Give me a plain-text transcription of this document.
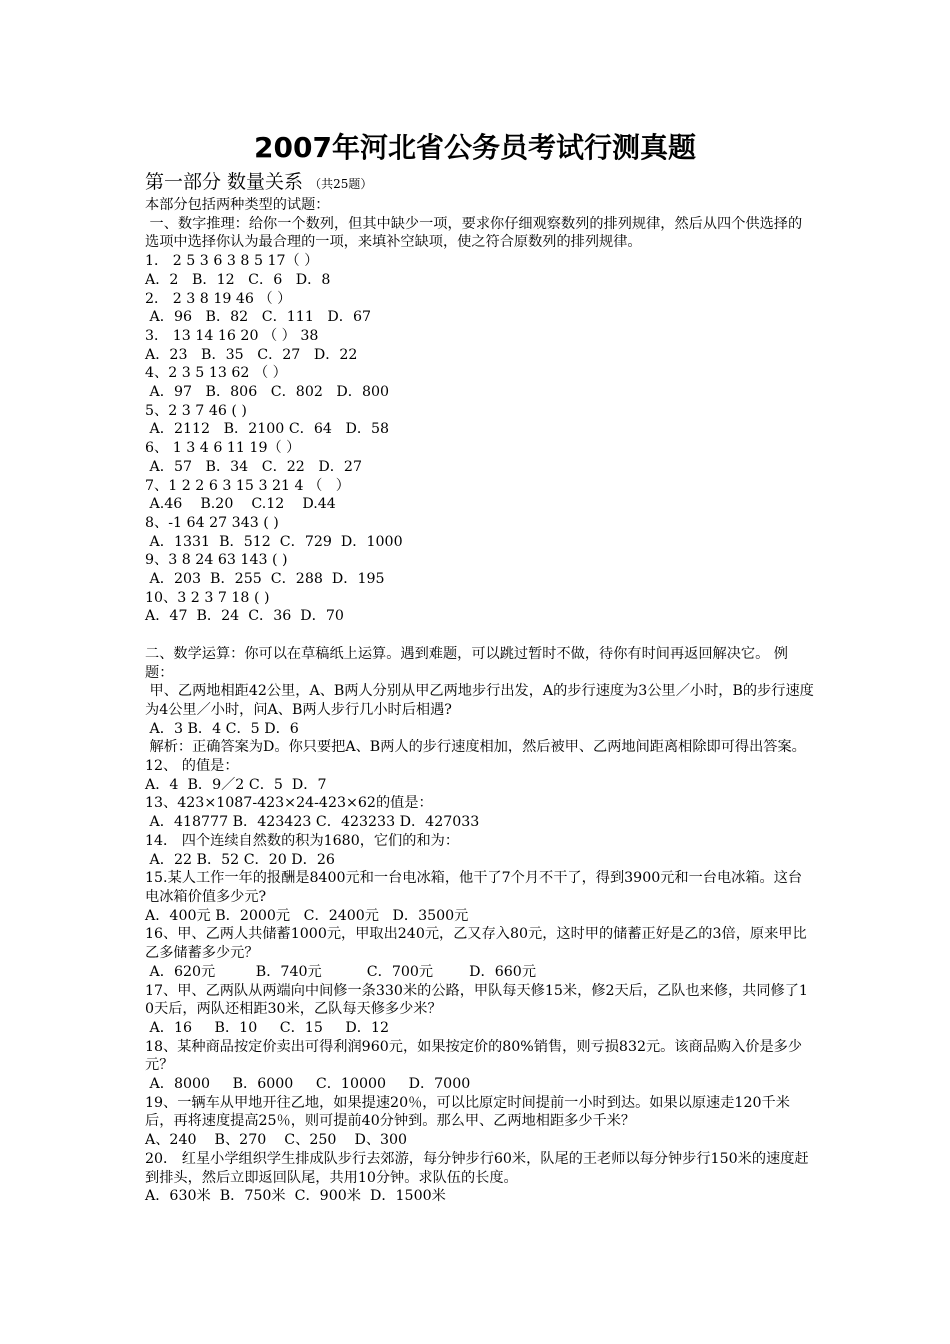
2007年河北省公务员考试行测真题
第一部分 数量关系 （共25题）

本部分包括两种类型的试题：

一、数字推理：给你一个数列，但其中缺少一项，要求你仔细观察数列的排列规律，然后从四个供选择的选项中选择你认为最合理的一项，来填补空缺项，使之符合原数列的排列规律。

1． 2 5 3 6 3 8 5 17（ ）

A．2   B．12   C．6   D．8

2． 2 3 8 19 46 （ ）

A．96   B．82   C．111   D．67

3． 13 14 16 20 （ ） 38

A．23   B．35   C．27   D．22

4、2 3 5 13 62 （ ）

A．97   B．806   C．802   D．800

5、2 3 7 46 ( )

A．2112   B．2100 C．64   D．58

6、 1 3 4 6 11 19（ ）

A．57   B．34   C．22   D．27

7、1 2 2 6 3 15 3 21 4 （   ）

A.46    B.20    C.12    D.44

8、-1 64 27 343 ( )

A．1331  B．512  C．729  D．1000

9、3 8 24 63 143 ( )

A．203  B．255  C．288  D．195

10、3 2 3 7 18 ( )

A．47  B．24  C．36  D．70

二、数学运算：你可以在草稿纸上运算。遇到难题，可以跳过暂时不做，待你有时间再返回解决它。 例题：

甲、乙两地相距42公里，A、B两人分别从甲乙两地步行出发，A的步行速度为3公里／小时，B的步行速度为4公里／小时，问A、B两人步行几小时后相遇?

A．3 B．4 C．5 D．6

解析：正确答案为D。你只要把A、B两人的步行速度相加，然后被甲、乙两地间距离相除即可得出答案。

12、 的值是：

A．4  B．9／2 C．5  D．7

13、423×1087-423×24-423×62的值是：

A．418777 B．423423 C．423233 D．427033

14． 四个连续自然数的积为1680，它们的和为：

A．22 B．52 C．20 D．26

15.某人工作一年的报酬是8400元和一台电冰箱，他干了7个月不干了，得到3900元和一台电冰箱。这台电冰箱价值多少元?

A．400元 B．2000元   C．2400元   D．3500元

16、甲、乙两人共储蓄1000元，甲取出240元，乙又存入80元，这时甲的储蓄正好是乙的3倍，原来甲比乙多储蓄多少元？

A．620元         B．740元          C．700元        D．660元

17、甲、乙两队从两端向中间修一条330米的公路，甲队每天修15米，修2天后，乙队也来修，共同修了10天后，两队还相距30米，乙队每天修多少米？

A．16     B．10     C．15     D．12

18、某种商品按定价卖出可得利润960元，如果按定价的80%销售，则亏损832元。该商品购入价是多少元？

A．8000     B．6000     C．10000     D．7000

19、一辆车从甲地开往乙地，如果提速20％，可以比原定时间提前一小时到达。如果以原速走120千米后，再将速度提高25％，则可提前40分钟到。那么甲、乙两地相距多少千米？

A、240    B、270    C、250    D、300

20． 红星小学组织学生排成队步行去郊游，每分钟步行60米，队尾的王老师以每分钟步行150米的速度赶到排头，然后立即返回队尾，共用10分钟。求队伍的长度。

A．630米  B．750米  C．900米  D．1500米
